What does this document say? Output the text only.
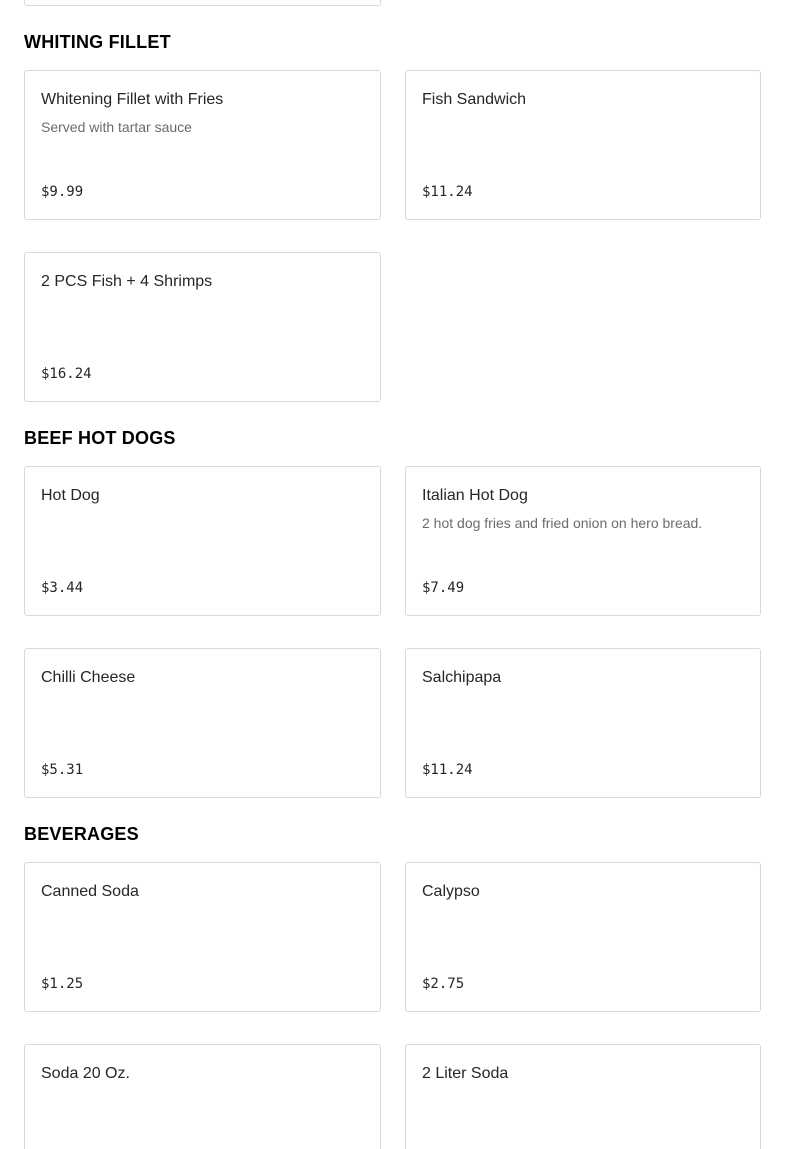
WHITING FILLET
Whitening Fillet with Fries
Served with tartar sauce
$9.99
Fish Sandwich
$11.24
2 PCS Fish + 4 Shrimps
$16.24
BEEF HOT DOGS
Hot Dog
$3.44
Italian Hot Dog
2 hot dog fries and fried onion on hero bread.
$7.49
Chilli Cheese
$5.31
Salchipapa
$11.24
BEVERAGES
Canned Soda
$1.25
Calypso
$2.75
Soda 20 Oz.	2 Liter Soda
